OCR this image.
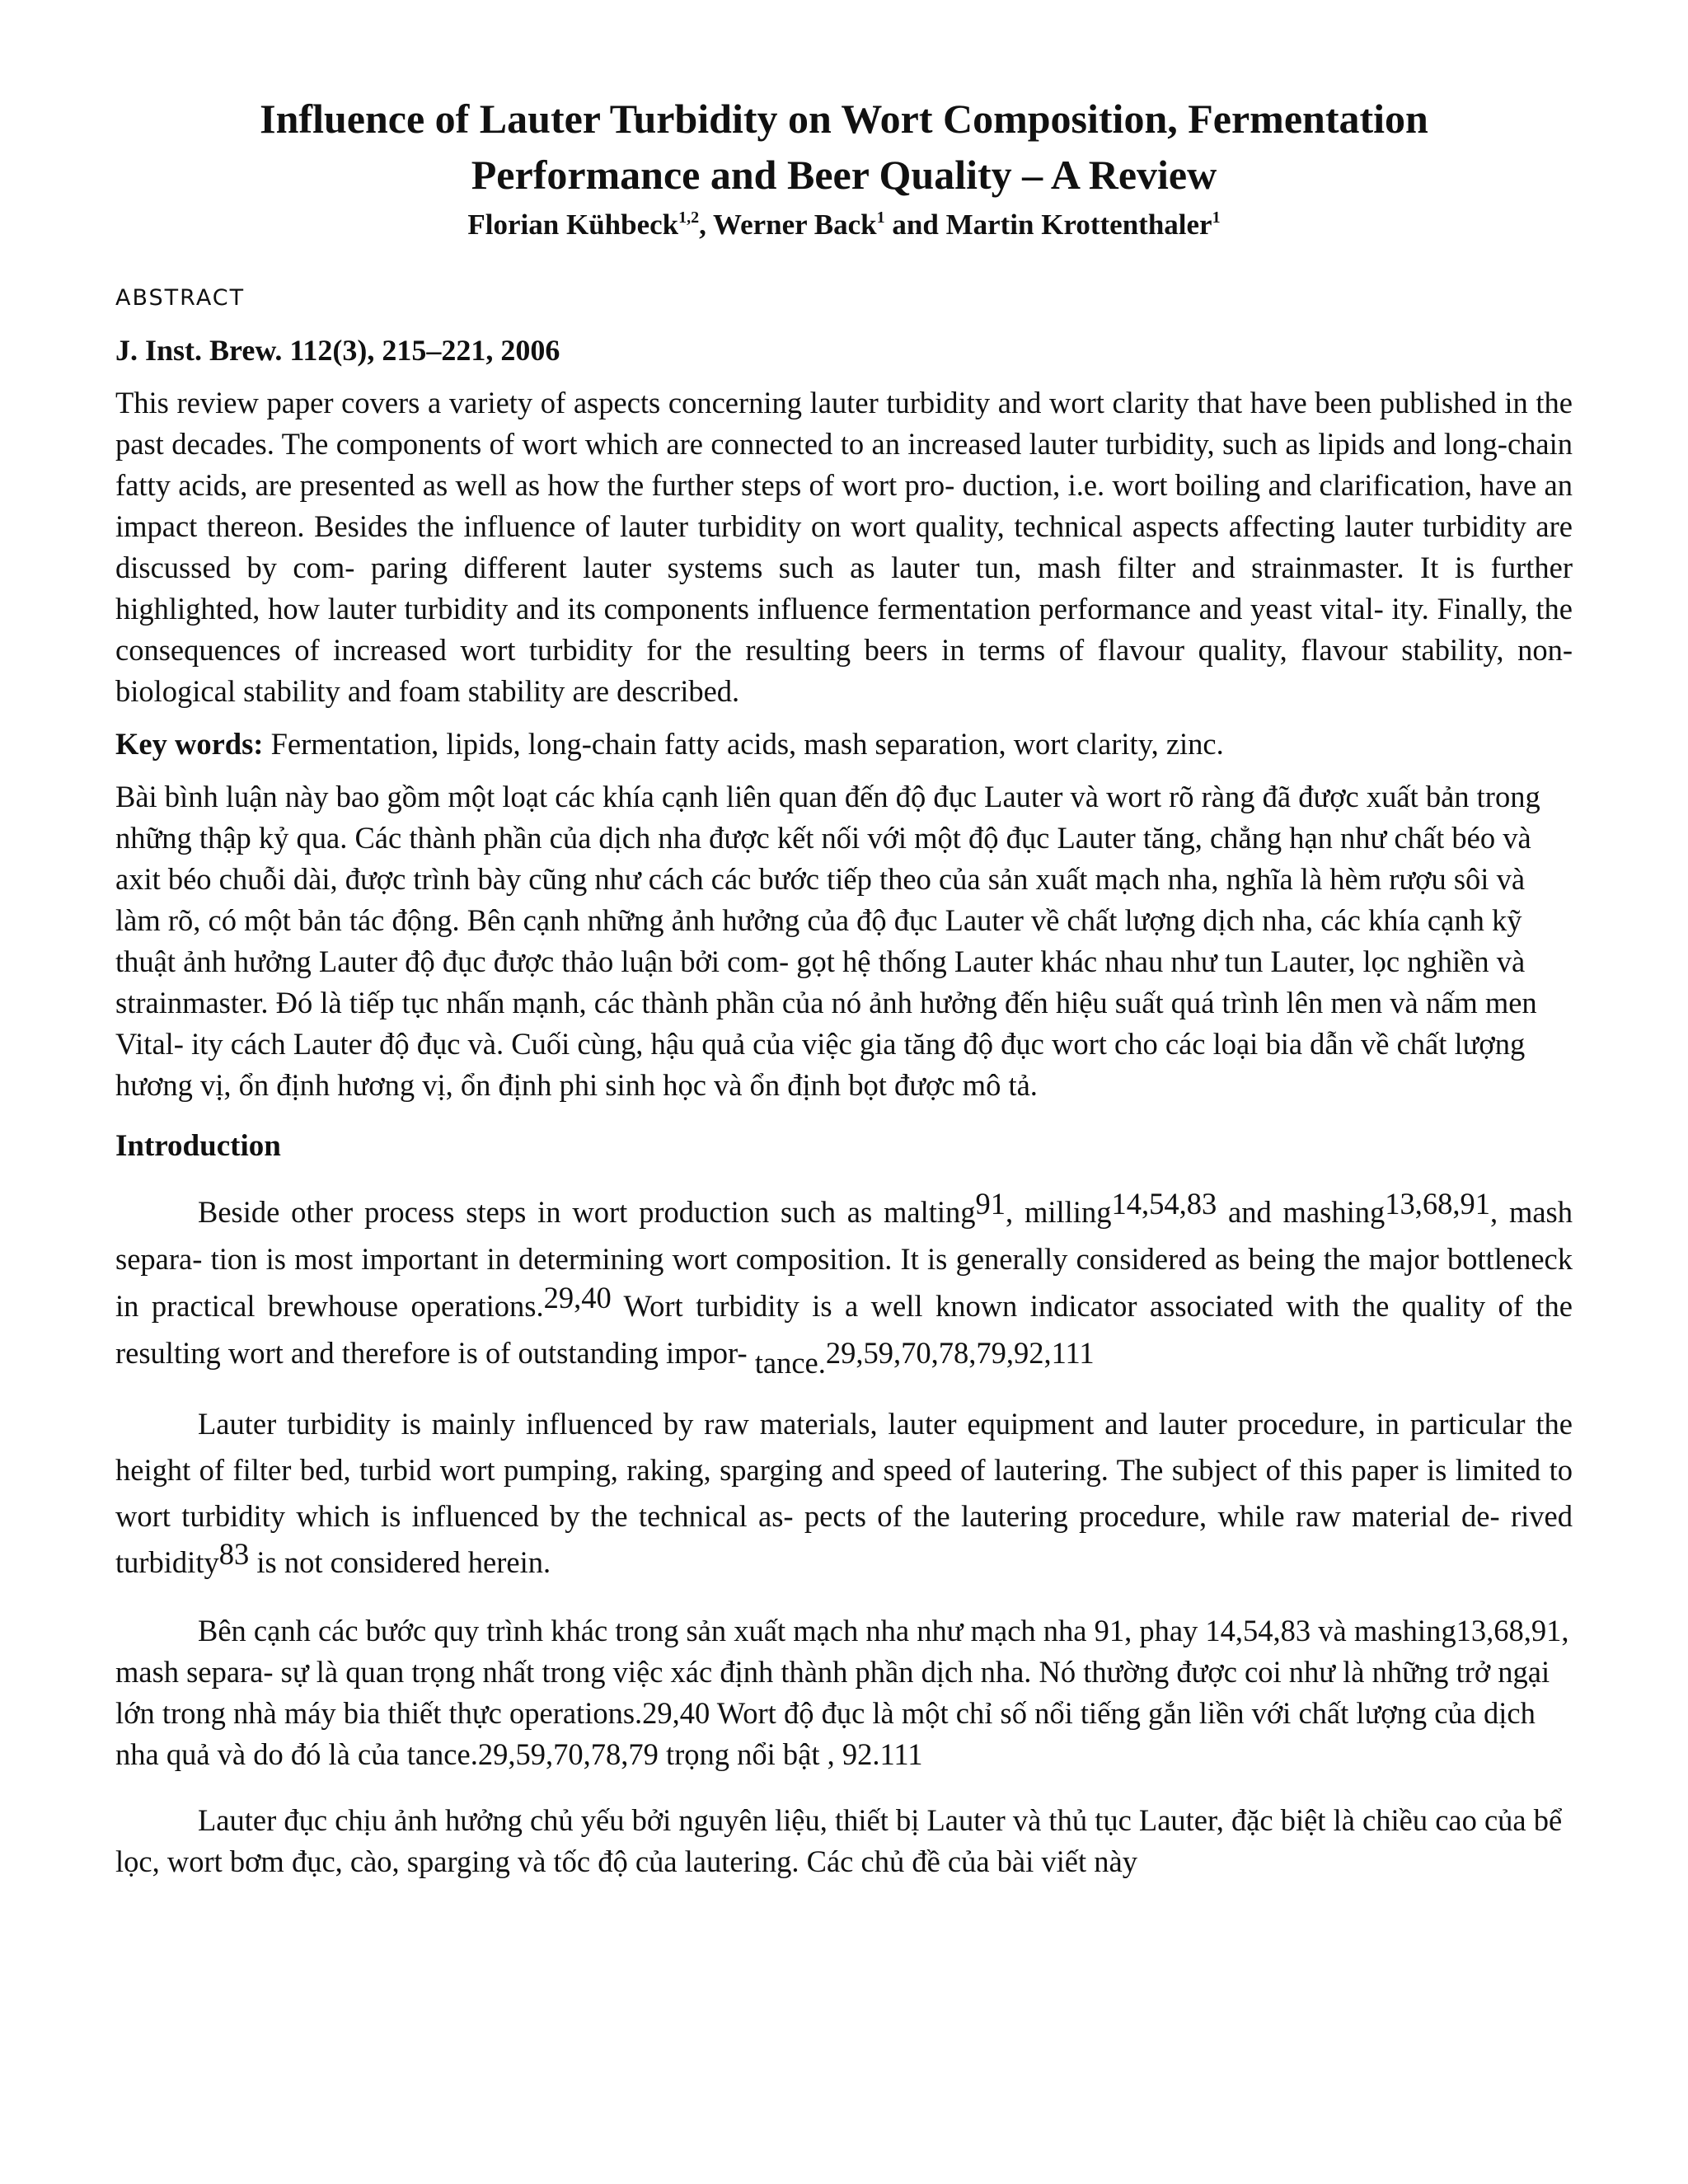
Influence of Lauter Turbidity on Wort Composition, Fermentation
Performance and Beer Quality – A Review
Florian Kühbeck$^{1,2}$, Werner Back$^1$ and Martin Krottenthaler$^1$
ABSTRACT
J. Inst. Brew. 112(3), 215–221, 2006

This review paper covers a variety of aspects concerning lauter turbidity and wort clarity that have been published in the past decades. The components of wort which are connected to an increased lauter turbidity, such as lipids and long-chain fatty acids, are presented as well as how the further steps of wort pro- duction, i.e. wort boiling and clarification, have an impact thereon. Besides the influence of lauter turbidity on wort quality, technical aspects affecting lauter turbidity are discussed by com- paring different lauter systems such as lauter tun, mash filter and strainmaster. It is further highlighted, how lauter turbidity and its components influence fermentation performance and yeast vital- ity. Finally, the consequences of increased wort turbidity for the resulting beers in terms of flavour quality, flavour stability, non- biological stability and foam stability are described.

Key words: Fermentation, lipids, long-chain fatty acids, mash separation, wort clarity, zinc.

Bài bình luận này bao gồm một loạt các khía cạnh liên quan đến độ đục Lauter và wort rõ ràng đã được xuất bản trong những thập kỷ qua. Các thành phần của dịch nha được kết nối với một độ đục Lauter tăng, chẳng hạn như chất béo và axit béo chuỗi dài, được trình bày cũng như cách các bước tiếp theo của sản xuất mạch nha, nghĩa là hèm rượu sôi và làm rõ, có một bản tác động. Bên cạnh những ảnh hưởng của độ đục Lauter về chất lượng dịch nha, các khía cạnh kỹ thuật ảnh hưởng Lauter độ đục được thảo luận bởi com- gọt hệ thống Lauter khác nhau như tun Lauter, lọc nghiền và strainmaster. Đó là tiếp tục nhấn mạnh, các thành phần của nó ảnh hưởng đến hiệu suất quá trình lên men và nấm men Vital- ity cách Lauter độ đục và. Cuối cùng, hậu quả của việc gia tăng độ đục wort cho các loại bia dẫn về chất lượng hương vị, ổn định hương vị, ổn định phi sinh học và ổn định bọt được mô tả.

Introduction

Beside other process steps in wort production such as malting91, milling14,54,83 and mashing13,68,91, mash separa- tion is most important in determining wort composition. It is generally considered as being the major bottleneck in practical brewhouse operations.29,40 Wort turbidity is a well known indicator associated with the quality of the resulting wort and therefore is of outstanding impor- tance.29,59,70,78,79,92,111

Lauter turbidity is mainly influenced by raw materials, lauter equipment and lauter procedure, in particular the height of filter bed, turbid wort pumping, raking, sparging and speed of lautering. The subject of this paper is limited to wort turbidity which is influenced by the technical as- pects of the lautering procedure, while raw material de- rived turbidity83 is not considered herein.

Bên cạnh các bước quy trình khác trong sản xuất mạch nha như mạch nha 91, phay 14,54,83 và mashing13,68,91, mash separa- sự là quan trọng nhất trong việc xác định thành phần dịch nha. Nó thường được coi như là những trở ngại lớn trong nhà máy bia thiết thực operations.29,40 Wort độ đục là một chỉ số nổi tiếng gắn liền với chất lượng của dịch nha quả và do đó là của tance.29,59,70,78,79 trọng nổi bật , 92.111

Lauter đục chịu ảnh hưởng chủ yếu bởi nguyên liệu, thiết bị Lauter và thủ tục Lauter, đặc biệt là chiều cao của bể lọc, wort bơm đục, cào, sparging và tốc độ của lautering. Các chủ đề của bài viết này
